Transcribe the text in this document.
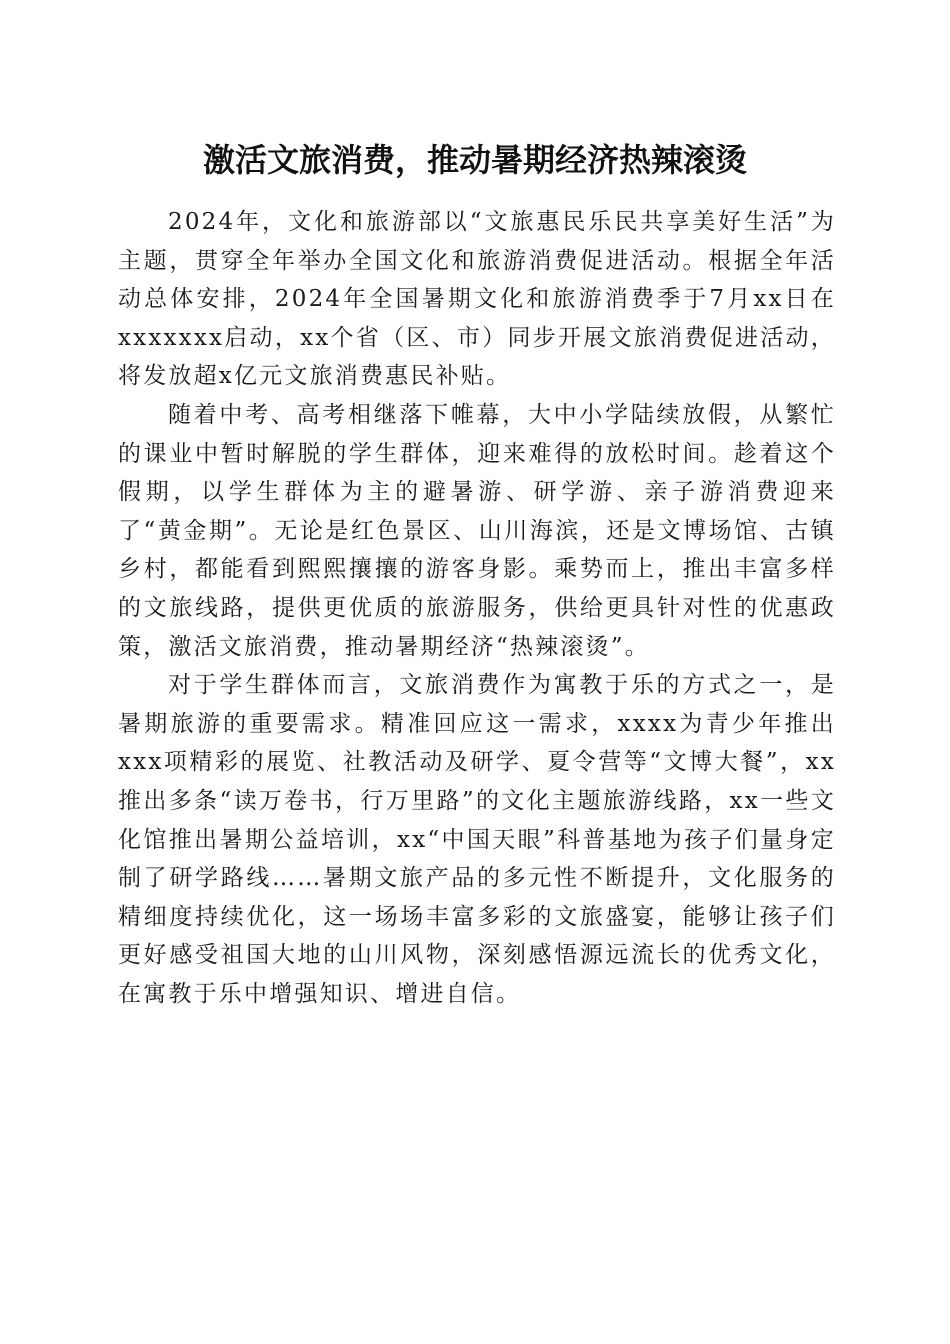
激活文旅消费，推动暑期经济热辣滚烫

2024年，文化和旅游部以“文旅惠民乐民共享美好生活”为主题，贯穿全年举办全国文化和旅游消费促进活动。根据全年活动总体安排，2024年全国暑期文化和旅游消费季于7月xx日在xxxxxxx启动，xx个省（区、市）同步开展文旅消费促进活动，将发放超x亿元文旅消费惠民补贴。

随着中考、高考相继落下帷幕，大中小学陆续放假，从繁忙的课业中暂时解脱的学生群体，迎来难得的放松时间。趁着这个假期，以学生群体为主的避暑游、研学游、亲子游消费迎来了“黄金期”。无论是红色景区、山川海滨，还是文博场馆、古镇乡村，都能看到熙熙攘攘的游客身影。乘势而上，推出丰富多样的文旅线路，提供更优质的旅游服务，供给更具针对性的优惠政策，激活文旅消费，推动暑期经济“热辣滚烫”。

对于学生群体而言，文旅消费作为寓教于乐的方式之一，是暑期旅游的重要需求。精准回应这一需求，xxxx为青少年推出xxx项精彩的展览、社教活动及研学、夏令营等“文博大餐”，xx推出多条“读万卷书，行万里路”的文化主题旅游线路，xx一些文化馆推出暑期公益培训，xx“中国天眼”科普基地为孩子们量身定制了研学路线……暑期文旅产品的多元性不断提升，文化服务的精细度持续优化，这一场场丰富多彩的文旅盛宴，能够让孩子们更好感受祖国大地的山川风物，深刻感悟源远流长的优秀文化，在寓教于乐中增强知识、增进自信。
